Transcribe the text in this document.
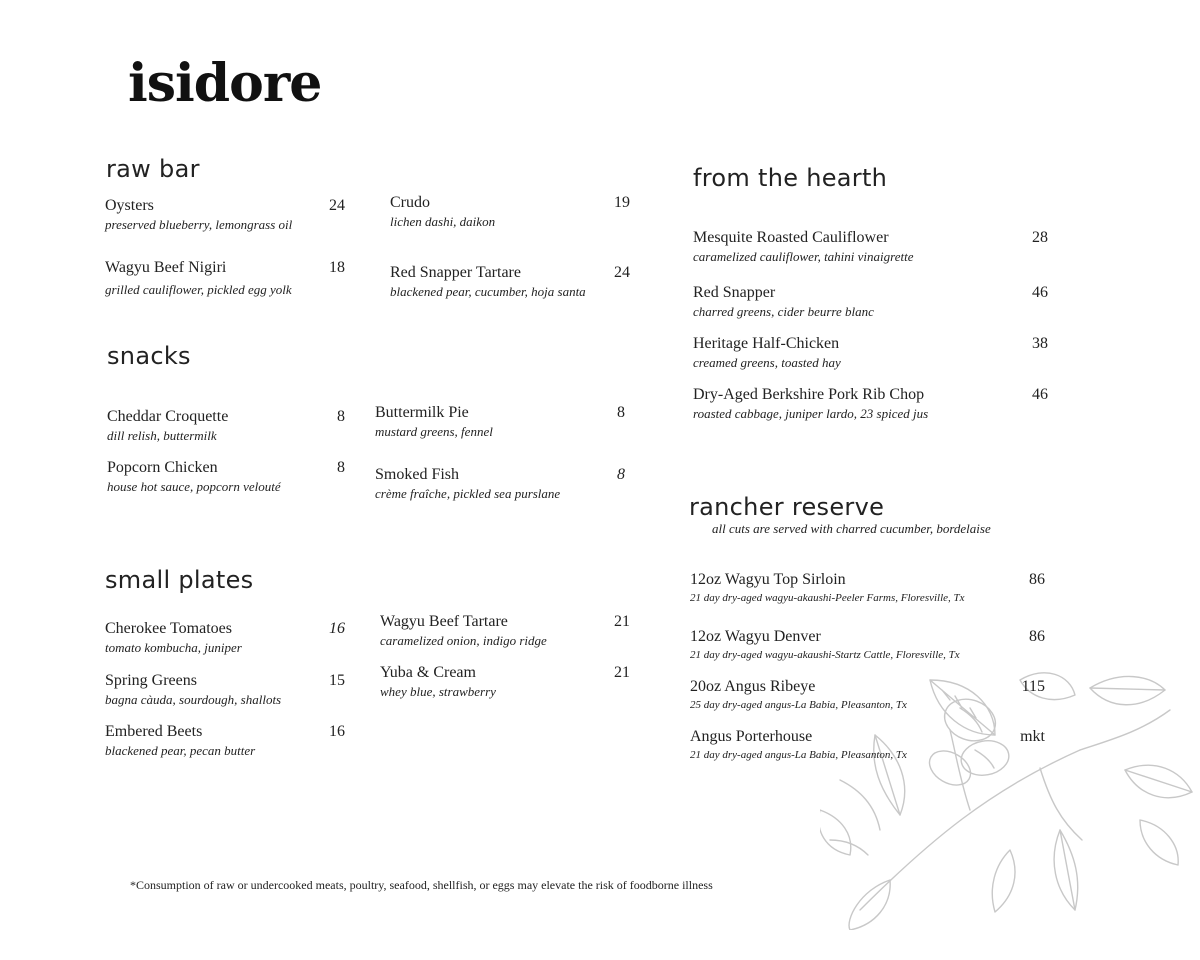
isidore
raw bar
Oysters	24
preserved blueberry, lemongrass oil
Wagyu Beef Nigiri	18
grilled cauliflower, pickled egg yolk
Crudo	19
lichen dashi, daikon
Red Snapper Tartare	24
blackened pear, cucumber, hoja santa
snacks
Cheddar Croquette	8
dill relish, buttermilk
Popcorn Chicken	8
house hot sauce, popcorn velouté
Buttermilk Pie	8
mustard greens, fennel
Smoked Fish	8
crème fraîche, pickled sea purslane
small plates
Cherokee Tomatoes	16
tomato kombucha, juniper
Spring Greens	15
bagna càuda, sourdough, shallots
Embered Beets	16
blackened pear, pecan butter
Wagyu Beef Tartare	21
caramelized onion, indigo ridge
Yuba & Cream	21
whey blue, strawberry
from the hearth
Mesquite Roasted Cauliflower	28
caramelized cauliflower, tahini vinaigrette
Red Snapper	46
charred greens, cider beurre blanc
Heritage Half-Chicken	38
creamed greens, toasted hay
Dry-Aged Berkshire Pork Rib Chop	46
roasted cabbage, juniper lardo, 23 spiced jus
rancher reserve
all cuts are served with charred cucumber, bordelaise
12oz Wagyu Top Sirloin	86
21 day dry-aged wagyu-akaushi-Peeler Farms, Floresville, Tx
12oz Wagyu Denver	86
21 day dry-aged wagyu-akaushi-Startz Cattle, Floresville, Tx
20oz Angus Ribeye	115
25 day dry-aged angus-La Babia, Pleasanton, Tx
Angus Porterhouse	mkt
21 day dry-aged angus-La Babia, Pleasanton, Tx
*Consumption of raw or undercooked meats, poultry, seafood, shellfish, or eggs may elevate the risk of foodborne illness
